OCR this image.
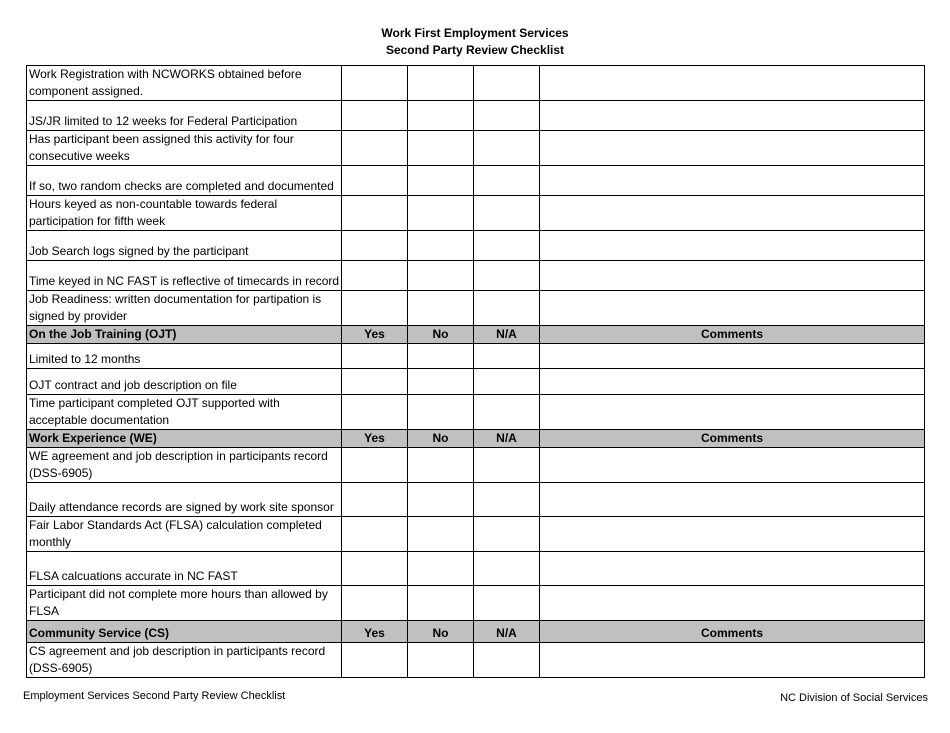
Work First Employment Services
Second Party Review Checklist
Work Registration with NCWORKS obtained before component assigned.				
JS/JR limited to 12 weeks for Federal Participation				
Has participant been assigned this activity for four consecutive weeks				
If so, two random checks are completed and documented				
Hours keyed as non-countable towards federal participation for fifth week				
Job Search logs signed by the participant				
Time keyed in NC FAST is reflective of timecards in record				
Job Readiness: written documentation for partipation is signed by provider				
On the Job Training (OJT)	Yes	No	N/A	Comments
Limited to 12 months				
OJT contract and job description on file				
Time participant completed OJT supported with acceptable documentation				
Work Experience (WE)	Yes	No	N/A	Comments
WE agreement and job description in participants record (DSS-6905)				
Daily attendance records are signed by work site sponsor				
Fair Labor Standards Act (FLSA) calculation completed monthly				
FLSA calcuations accurate in NC FAST				
Participant did not complete more hours than allowed by FLSA				
Community Service (CS)	Yes	No	N/A	Comments
CS agreement and job description in participants record (DSS-6905)				
Employment Services Second Party Review Checklist	NC Division of Social Services
